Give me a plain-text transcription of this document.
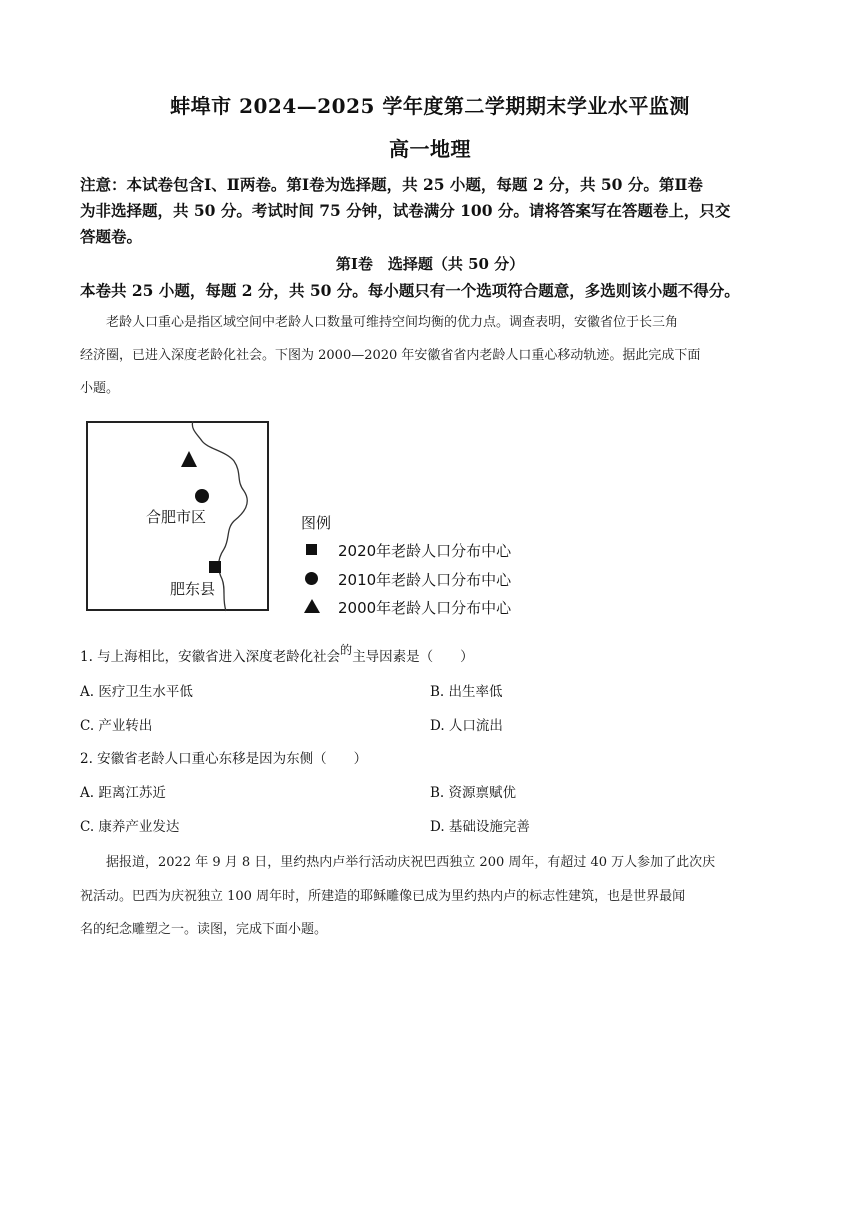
蚌埠市 2024—2025 学年度第二学期期末学业水平监测
高一地理
注意：本试卷包含Ⅰ、Ⅱ两卷。第Ⅰ卷为选择题，共 25 小题，每题 2 分，共 50 分。第Ⅱ卷
为非选择题，共 50 分。考试时间 75 分钟，试卷满分 100 分。请将答案写在答题卷上，只交
答题卷。
第Ⅰ卷　选择题（共 50 分）
本卷共 25 小题，每题 2 分，共 50 分。每小题只有一个选项符合题意，多选则该小题不得分。
老龄人口重心是指区域空间中老龄人口数量可维持空间均衡的优力点。调查表明，安徽省位于长三角
经济圈，已进入深度老龄化社会。下图为 2000—2020 年安徽省省内老龄人口重心移动轨迹。据此完成下面
小题。
合肥市区
肥东县
图例
2020年老龄人口分布中心
2010年老龄人口分布中心
2000年老龄人口分布中心
1. 与上海相比，安徽省进入深度老龄化社会的主导因素是（　　）
A. 医疗卫生水平低	B. 出生率低
C. 产业转出	D. 人口流出
2. 安徽省老龄人口重心东移是因为东侧（　　）
A. 距离江苏近	B. 资源禀赋优
C. 康养产业发达	D. 基础设施完善
据报道，2022 年 9 月 8 日，里约热内卢举行活动庆祝巴西独立 200 周年，有超过 40 万人参加了此次庆
祝活动。巴西为庆祝独立 100 周年时，所建造的耶稣雕像已成为里约热内卢的标志性建筑，也是世界最闻
名的纪念雕塑之一。读图，完成下面小题。
